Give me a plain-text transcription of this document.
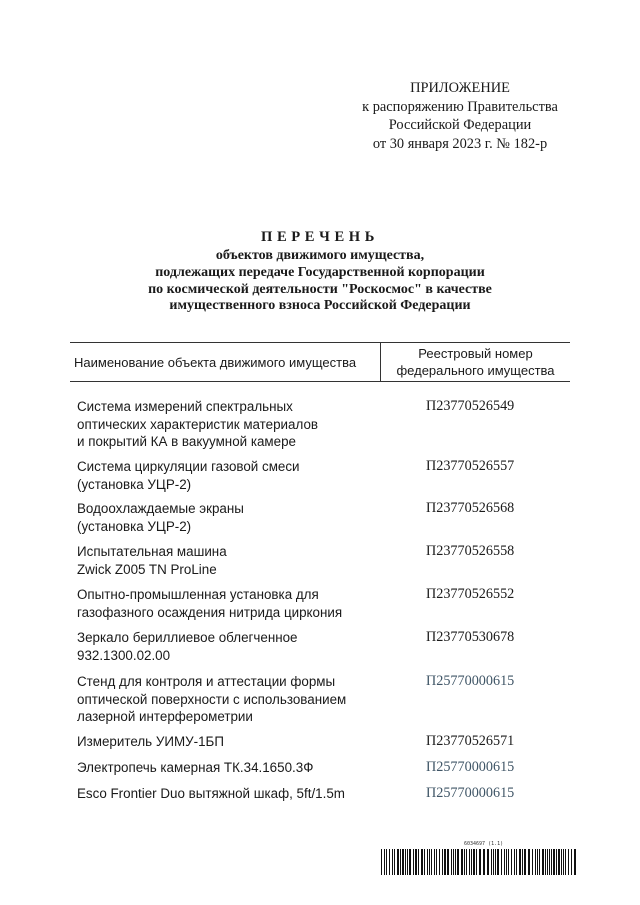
ПРИЛОЖЕНИЕ
к распоряжению Правительства
Российской Федерации
от 30 января 2023 г. № 182-р
ПЕРЕЧЕНЬ
объектов движимого имущества,
подлежащих передаче Государственной корпорации
по космической деятельности "Роскосмос" в качестве
имущественного взноса Российской Федерации
Наименование объекта движимого имущества
Реестровый номер
федерального имущества
Система измерений спектральных
оптических характеристик материалов
и покрытий КА в вакуумной камере
П23770526549
Система циркуляции газовой смеси
(установка УЦР-2)
П23770526557
Водоохлаждаемые экраны
(установка УЦР-2)
П23770526568
Испытательная машина
Zwick Z005 TN ProLine
П23770526558
Опытно-промышленная установка для
газофазного осаждения нитрида циркония
П23770526552
Зеркало бериллиевое облегченное
932.1300.02.00
П23770530678
Стенд для контроля и аттестации формы
оптической поверхности с использованием
лазерной интерферометрии
П25770000615
Измеритель УИМУ-1БП	П23770526571
Электропечь камерная ТК.34.1650.3Ф	П25770000615
Esco Frontier Duo вытяжной шкаф, 5ft/1.5m	П25770000615
6034697 (1.1)
